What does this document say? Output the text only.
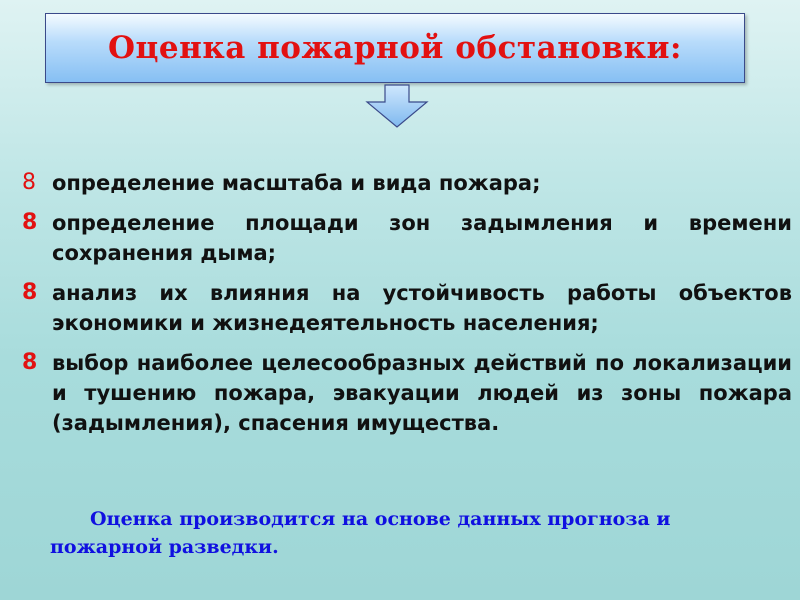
Оценка пожарной обстановки:
8 определение масштаба и вида пожара;
8 определение площади зон задымления и времени сохранения дыма;
8 анализ их влияния на устойчивость работы объектов экономики и жизнедеятельность населения;
8 выбор наиболее целесообразных действий по локализации и тушению пожара, эвакуации людей из зоны пожара (задымления), спасения имущества.
Оценка производится на основе данных прогноза и пожарной разведки.
